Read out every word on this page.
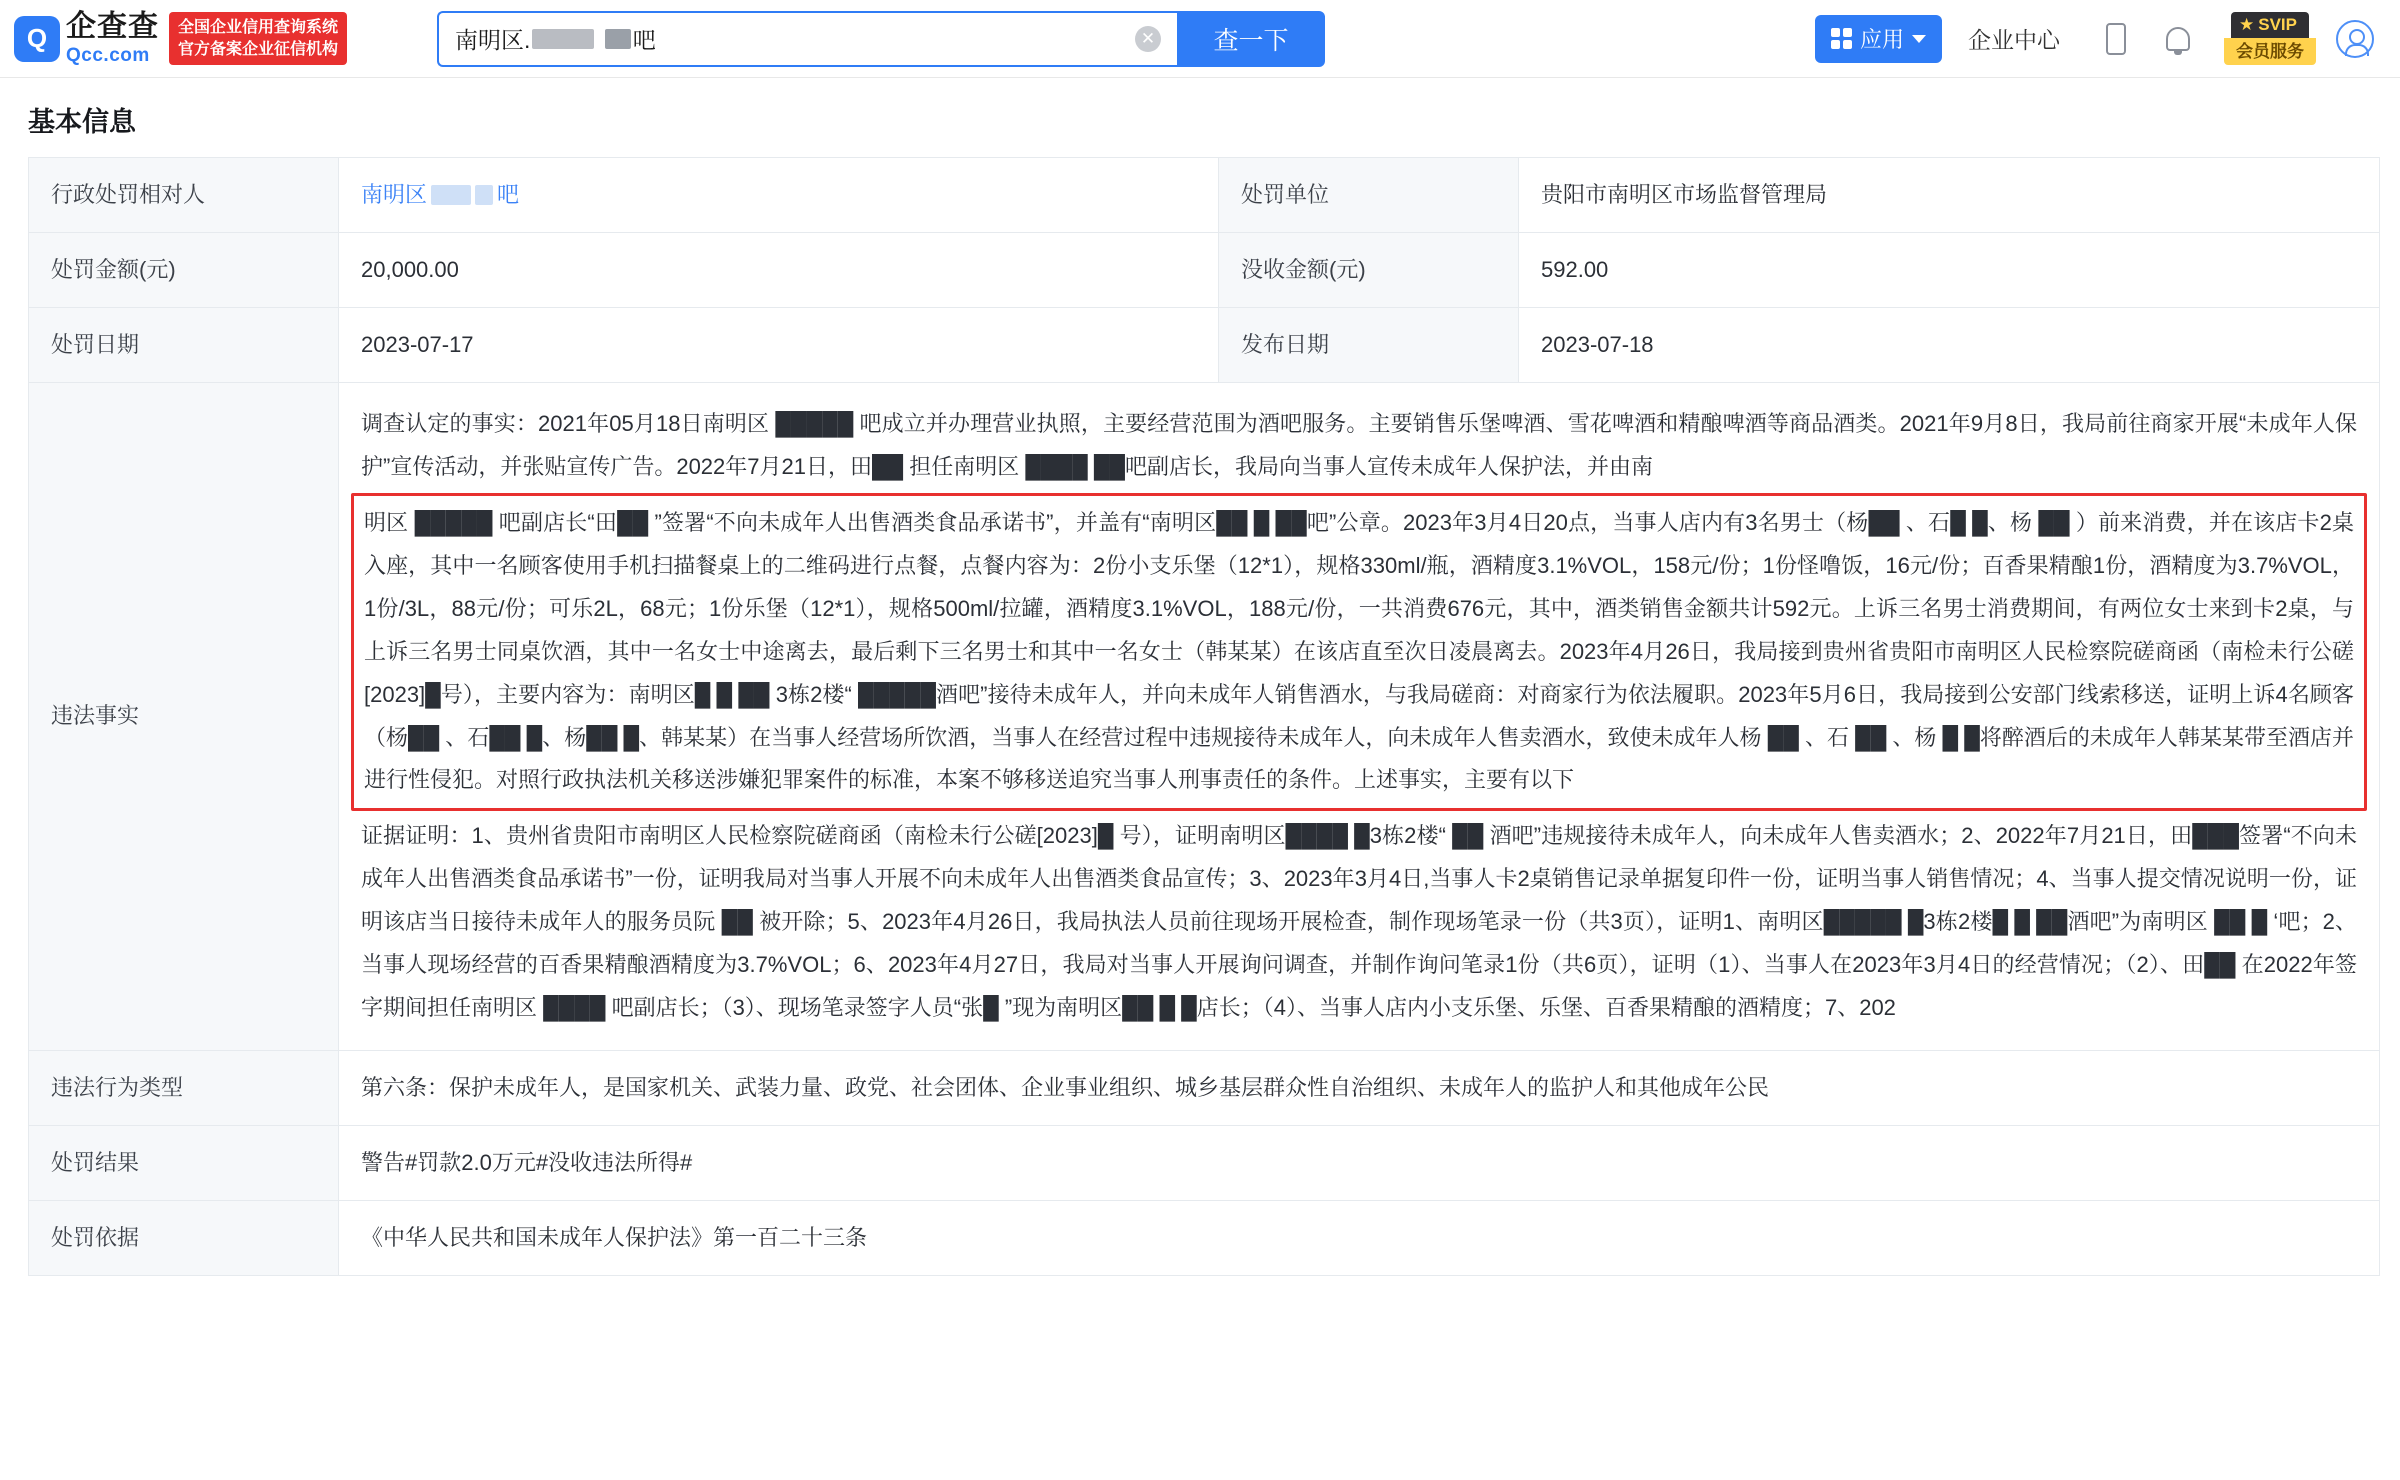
Q 企查查
Qcc.com
全国企业信用查询系统
官方备案企业征信机构	南明区.
	吧	✕	查一下	应用	企业中心
★ SVIP
会员服务
基本信息
行政处罚相对人	南明区 吧	处罚单位	贵阳市南明区市场监督管理局
处罚金额(元)	20,000.00	没收金额(元)	592.00
处罚日期	2023-07-17	发布日期	2023-07-18
违法事实	调查认定的事实：2021年05月18日南明区 █████ 吧成立并办理营业执照，主要经营范围为酒吧服务。主要销售乐堡啤酒、雪花啤酒和精酿啤酒等商品酒类。2021年9月8日，我局前往商家开展“未成年人保护”宣传活动，并张贴宣传广告。2022年7月21日，田██ 担任南明区 ████ ██吧副店长，我局向当事人宣传未成年人保护法，并由南
明区 █████ 吧副店长“田██ ”签署“不向未成年人出售酒类食品承诺书”，并盖有“南明区██ █ ██吧”公章。2023年3月4日20点，当事人店内有3名男士（杨██ 、石█ █、杨 ██ ）前来消费，并在该店卡2桌入座，其中一名顾客使用手机扫描餐桌上的二维码进行点餐，点餐内容为：2份小支乐堡（12*1），规格330ml/瓶，酒精度3.1%VOL，158元/份；1份怪噜饭，16元/份；百香果精酿1份，酒精度为3.7%VOL，1份/3L，88元/份；可乐2L，68元；1份乐堡（12*1），规格500ml/拉罐，酒精度3.1%VOL，188元/份，一共消费676元，其中，酒类销售金额共计592元。上诉三名男士消费期间，有两位女士来到卡2桌，与上诉三名男士同桌饮酒，其中一名女士中途离去，最后剩下三名男士和其中一名女士（韩某某）在该店直至次日凌晨离去。2023年4月26日，我局接到贵州省贵阳市南明区人民检察院磋商函（南检未行公磋[2023]█号），主要内容为：南明区█ █ ██ 3栋2楼“ █████酒吧”接待未成年人，并向未成年人销售酒水，与我局磋商：对商家行为依法履职。2023年5月6日，我局接到公安部门线索移送，证明上诉4名顾客（杨██ 、石██ █、杨██ █、韩某某）在当事人经营场所饮酒，当事人在经营过程中违规接待未成年人，向未成年人售卖酒水，致使未成年人杨 ██ 、石 ██ 、杨 █ █将醉酒后的未成年人韩某某带至酒店并进行性侵犯。对照行政执法机关移送涉嫌犯罪案件的标准，本案不够移送追究当事人刑事责任的条件。上述事实，主要有以下
证据证明：1、贵州省贵阳市南明区人民检察院磋商函（南检未行公磋[2023]█ 号），证明南明区████ █3栋2楼“ ██ 酒吧”违规接待未成年人，向未成年人售卖酒水；2、2022年7月21日，田███签署“不向未成年人出售酒类食品承诺书”一份，证明我局对当事人开展不向未成年人出售酒类食品宣传；3、2023年3月4日,当事人卡2桌销售记录单据复印件一份，证明当事人销售情况；4、当事人提交情况说明一份，证明该店当日接待未成年人的服务员阮 ██ 被开除；5、2023年4月26日，我局执法人员前往现场开展检查，制作现场笔录一份（共3页），证明1、南明区█████ █3栋2楼█ █ ██酒吧”为南明区 ██ █ ‘吧；2、当事人现场经营的百香果精酿酒精度为3.7%VOL；6、2023年4月27日，我局对当事人开展询问调查，并制作询问笔录1份（共6页），证明（1）、当事人在2023年3月4日的经营情况；（2）、田██ 在2022年签字期间担任南明区 ████ 吧副店长；（3）、现场笔录签字人员“张█ ”现为南明区██ █ █店长；（4）、当事人店内小支乐堡、乐堡、百香果精酿的酒精度；7、202		

违法行为类型	第六条：保护未成年人，是国家机关、武装力量、政党、社会团体、企业事业组织、城乡基层群众性自治组织、未成年人的监护人和其他成年公民		
处罚结果	警告#罚款2.0万元#没收违法所得#		
处罚依据	《中华人民共和国未成年人保护法》第一百二十三条		
